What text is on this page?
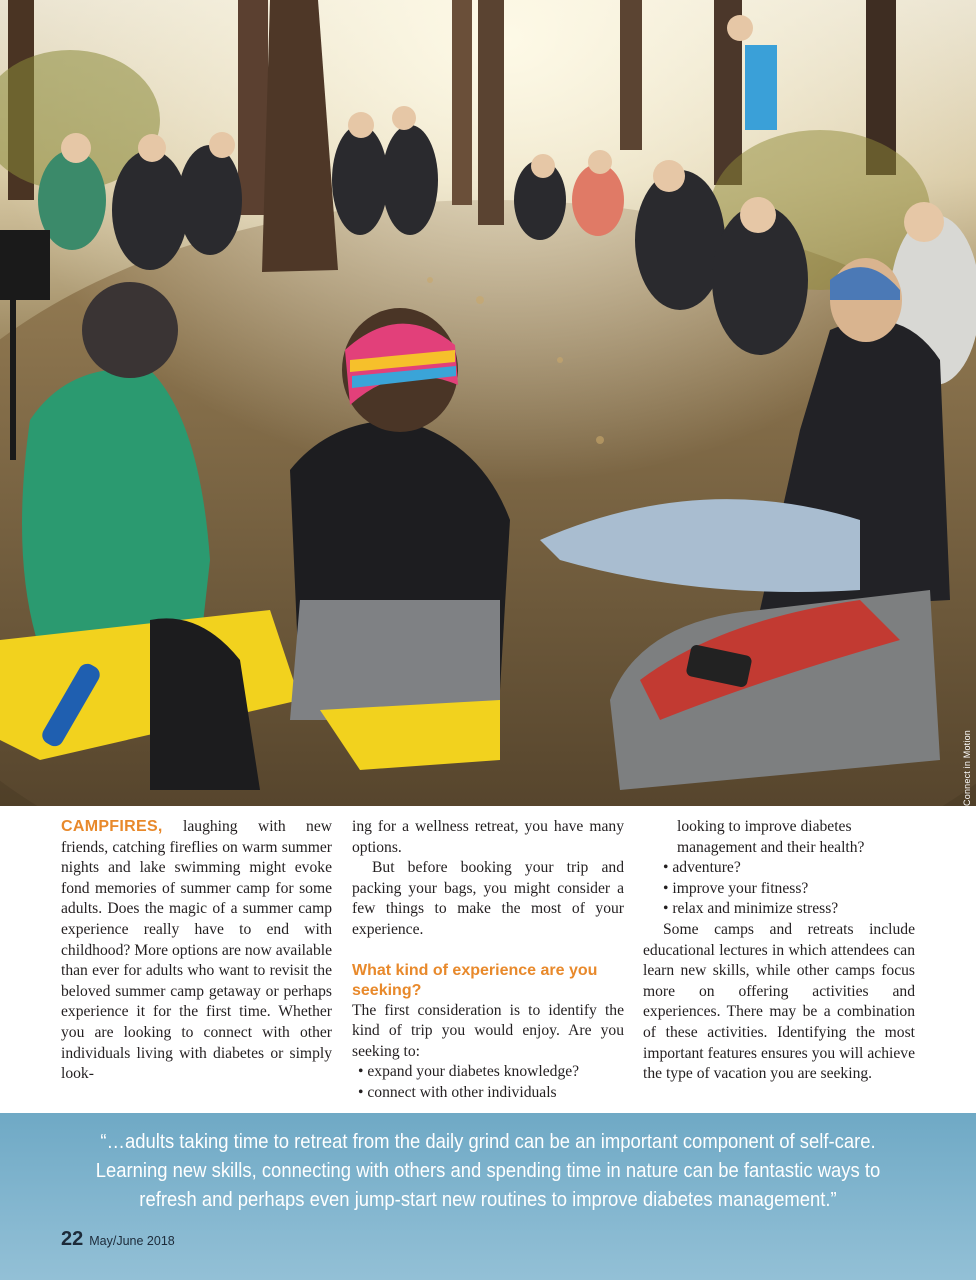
Connect in Motion

CAMPFIRES, laughing with new friends, catching fireflies on warm summer nights and lake swimming might evoke fond memories of summer camp for some adults. Does the magic of a summer camp experience really have to end with childhood? More options are now available than ever for adults who want to revisit the beloved summer camp getaway or perhaps experience it for the first time. Whether you are looking to connect with other individuals living with diabetes or simply look-

ing for a wellness retreat, you have many options.

But before booking your trip and packing your bags, you might consider a few things to make the most of your experience.

What kind of experience are you seeking?

The first consideration is to identify the kind of trip you would enjoy. Are you seeking to:

• expand your diabetes knowledge?
• connect with other individuals

looking to improve diabetes management and their health?

• adventure?
• improve your fitness?
• relax and minimize stress?

Some camps and retreats include educational lectures in which attendees can learn new skills, while other camps focus more on offering activities and experiences. There may be a combination of these activities. Identifying the most important features ensures you will achieve the type of vacation you are seeking.

“…adults taking time to retreat from the daily grind can be an important component of self-care. Learning new skills, connecting with others and spending time in nature can be fantastic ways to refresh and perhaps even jump-start new routines to improve diabetes management.”
22 May/June 2018
